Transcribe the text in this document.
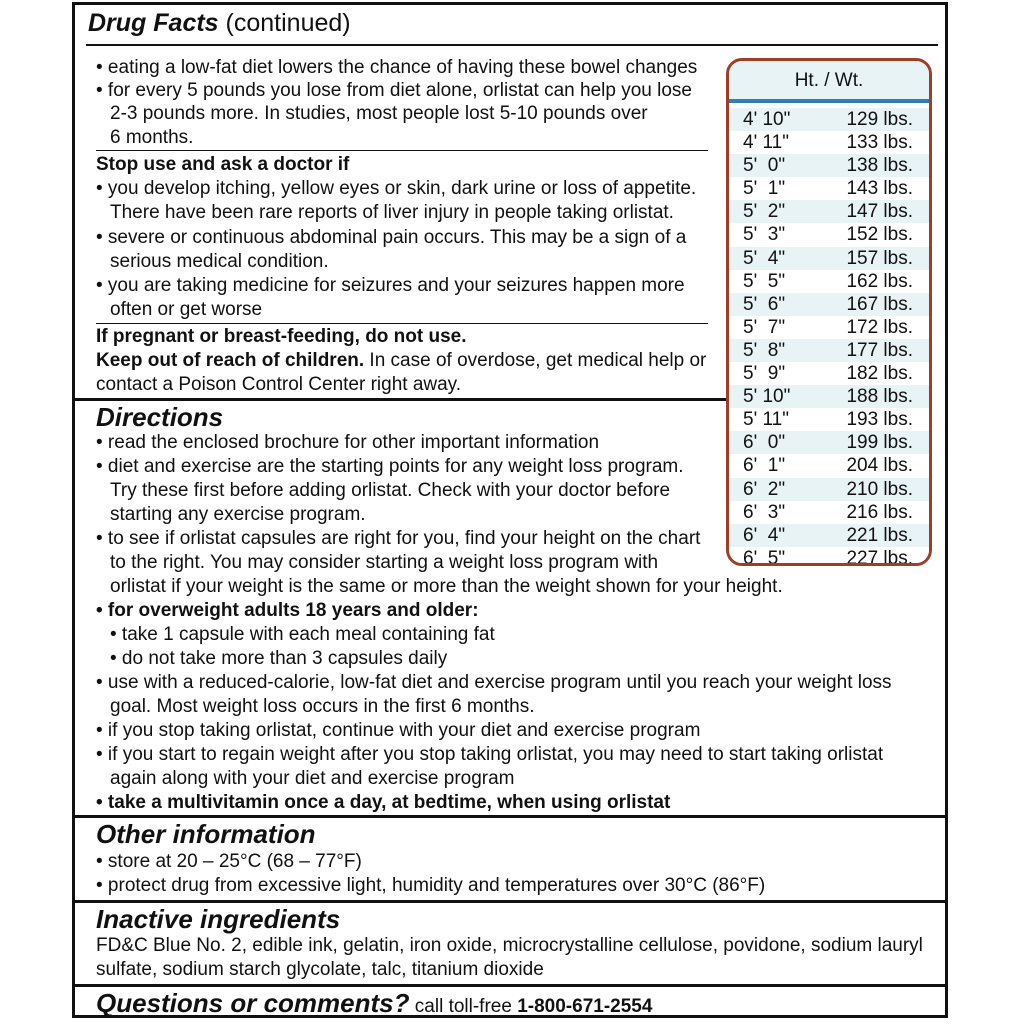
Drug Facts (continued)
• eating a low-fat diet lowers the chance of having these bowel changes
• for every 5 pounds you lose from diet alone, orlistat can help you lose
2-3 pounds more. In studies, most people lost 5-10 pounds over
6 months.
Stop use and ask a doctor if
• you develop itching, yellow eyes or skin, dark urine or loss of appetite.
There have been rare reports of liver injury in people taking orlistat.
• severe or continuous abdominal pain occurs. This may be a sign of a
serious medical condition.
• you are taking medicine for seizures and your seizures happen more
often or get worse
If pregnant or breast-feeding, do not use.
Keep out of reach of children. In case of overdose, get medical help or
contact a Poison Control Center right away.
Directions
• read the enclosed brochure for other important information
• diet and exercise are the starting points for any weight loss program.
Try these first before adding orlistat. Check with your doctor before
starting any exercise program.
• to see if orlistat capsules are right for you, find your height on the chart
to the right. You may consider starting a weight loss program with
orlistat if your weight is the same or more than the weight shown for your height.
• for overweight adults 18 years and older:
• take 1 capsule with each meal containing fat
• do not take more than 3 capsules daily
• use with a reduced-calorie, low-fat diet and exercise program until you reach your weight loss
goal. Most weight loss occurs in the first 6 months.
• if you stop taking orlistat, continue with your diet and exercise program
• if you start to regain weight after you stop taking orlistat, you may need to start taking orlistat
again along with your diet and exercise program
• take a multivitamin once a day, at bedtime, when using orlistat
Other information
• store at 20 – 25°C (68 – 77°F)
• protect drug from excessive light, humidity and temperatures over 30°C (86°F)
Inactive ingredients
FD&C Blue No. 2, edible ink, gelatin, iron oxide, microcrystalline cellulose, povidone, sodium lauryl
sulfate, sodium starch glycolate, talc, titanium dioxide
Questions or comments? call toll-free 1-800-671-2554
Ht. / Wt.
4' 10"	129 lbs.
4' 11"	133 lbs.
5'  0"	138 lbs.
5'  1"	143 lbs.
5'  2"	147 lbs.
5'  3"	152 lbs.
5'  4"	157 lbs.
5'  5"	162 lbs.
5'  6"	167 lbs.
5'  7"	172 lbs.
5'  8"	177 lbs.
5'  9"	182 lbs.
5' 10"	188 lbs.
5' 11"	193 lbs.
6'  0"	199 lbs.
6'  1"	204 lbs.
6'  2"	210 lbs.
6'  3"	216 lbs.
6'  4"	221 lbs.
6'  5"	227 lbs.
